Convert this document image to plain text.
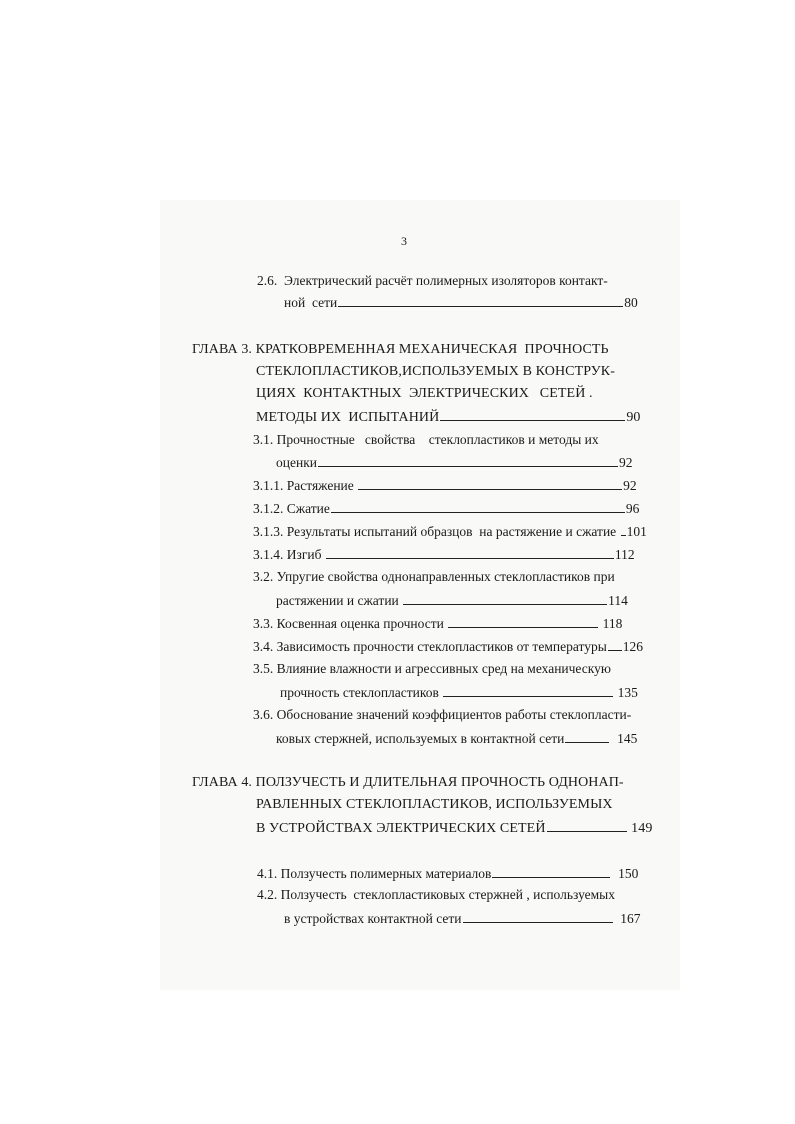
3
2.6.  Электрический расчёт полимерных изоляторов контакт-
ной  сети	80
ГЛАВА 3. КРАТКОВРЕМЕННАЯ МЕХАНИЧЕСКАЯ  ПРОЧНОСТЬ
СТЕКЛОПЛАСТИКОВ,ИСПОЛЬЗУЕМЫХ В КОНСТРУК-
ЦИЯХ  КОНТАКТНЫХ  ЭЛЕКТРИЧЕСКИХ   СЕТЕЙ .
МЕТОДЫ ИХ  ИСПЫТАНИЙ	90
3.1. Прочностные   свойства    стеклопластиков и методы их
оценки	92
3.1.1. Растяжение	92
3.1.2. Сжатие	96
3.1.3. Результаты испытаний образцов  на растяжение и сжатие 101
3.1.4. Изгиб	112
3.2. Упругие свойства однонаправленных стеклопластиков при
растяжении и сжатии	114
3.3. Косвенная оценка прочности	118
3.4. Зависимость прочности стеклопластиков от температуры 126
3.5. Влияние влажности и агрессивных сред на механическую
прочность стеклопластиков	135
3.6. Обоснование значений коэффициентов работы стеклопласти-
ковых стержней, используемых в контактной сети	145
ГЛАВА 4. ПОЛЗУЧЕСТЬ И ДЛИТЕЛЬНАЯ ПРОЧНОСТЬ ОДНОНАП-
РАВЛЕННЫХ СТЕКЛОПЛАСТИКОВ, ИСПОЛЬЗУЕМЫХ
В УСТРОЙСТВАХ ЭЛЕКТРИЧЕСКИХ СЕТЕЙ	149
4.1. Ползучесть полимерных материалов	150
4.2. Ползучесть  стеклопластиковых стержней , используемых
в устройствах контактной сети	167
